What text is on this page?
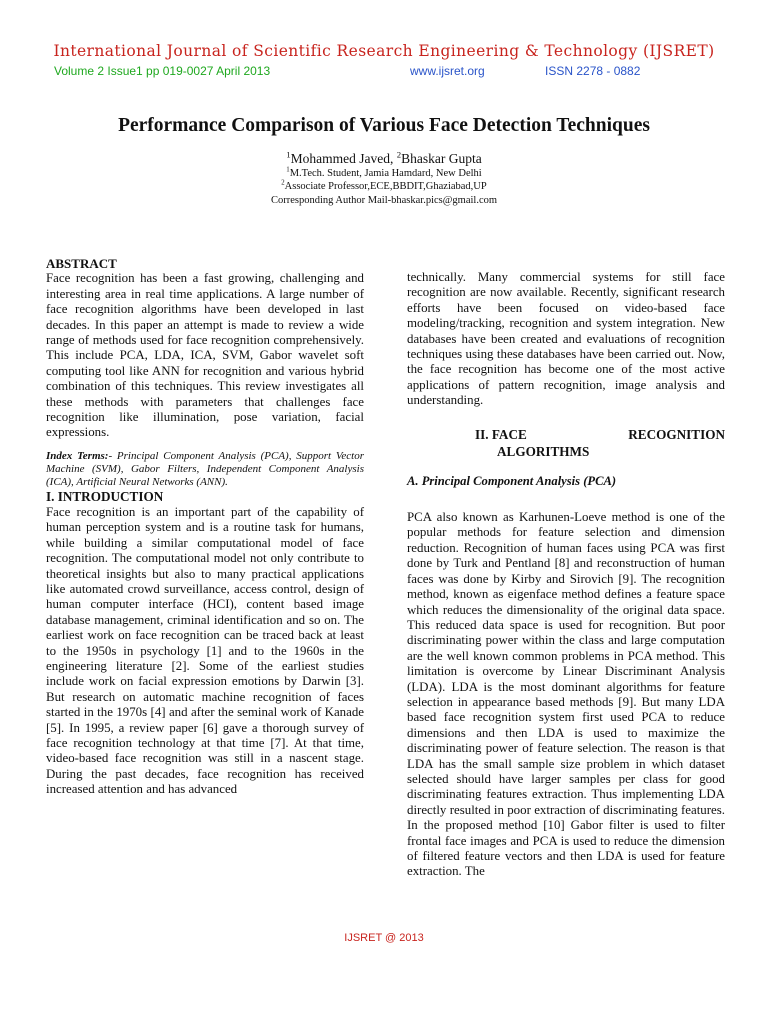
International Journal of Scientific Research Engineering & Technology (IJSRET)
Volume 2 Issue1 pp 019-0027 April 2013	www.ijsret.org	ISSN 2278 - 0882
Performance Comparison of Various Face Detection Techniques
$^1$Mohammed Javed, $^2$Bhaskar Gupta
$^1$M.Tech. Student, Jamia Hamdard, New Delhi
$^2$Associate Professor,ECE,BBDIT,Ghaziabad,UP
Corresponding Author Mail-bhaskar.pics@gmail.com

ABSTRACT

Face recognition has been a fast growing, challenging and interesting area in real time applications. A large number of face recognition algorithms have been developed in last decades. In this paper an attempt is made to review a wide range of methods used for face recognition comprehensively. This include PCA, LDA, ICA, SVM, Gabor wavelet soft computing tool like ANN for recognition and various hybrid combination of this techniques. This review investigates all these methods with parameters that challenges face recognition like illumination, pose variation, facial expressions.

Index Terms:- Principal Component Analysis (PCA), Support Vector Machine (SVM), Gabor Filters, Independent Component Analysis (ICA), Artificial Neural Networks (ANN).

I. INTRODUCTION

Face recognition is an important part of the capability of human perception system and is a routine task for humans, while building a similar computational model of face recognition. The computational model not only contribute to theoretical insights but also to many practical applications like automated crowd surveillance, access control, design of human computer interface (HCI), content based image database management, criminal identification and so on. The earliest work on face recognition can be traced back at least to the 1950s in psychology [1] and to the 1960s in the engineering literature [2]. Some of the earliest studies include work on facial expression emotions by Darwin [3]. But research on automatic machine recognition of faces started in the 1970s [4] and after the seminal work of Kanade [5]. In 1995, a review paper [6] gave a thorough survey of face recognition technology at that time [7]. At that time, video-based face recognition was still in a nascent stage. During the past decades, face recognition has received increased attention and has advanced

technically. Many commercial systems for still face recognition are now available. Recently, significant research efforts have been focused on video-based face modeling/tracking, recognition and system integration. New databases have been created and evaluations of recognition techniques using these databases have been carried out. Now, the face recognition has become one of the most active applications of pattern recognition, image analysis and understanding.

II. FACE	RECOGNITION
ALGORITHMS

A. Principal Component Analysis (PCA)

PCA also known as Karhunen-Loeve method is one of the popular methods for feature selection and dimension reduction. Recognition of human faces using PCA was first done by Turk and Pentland [8] and reconstruction of human faces was done by Kirby and Sirovich [9]. The recognition method, known as eigenface method defines a feature space which reduces the dimensionality of the original data space. This reduced data space is used for recognition. But poor discriminating power within the class and large computation are the well known common problems in PCA method. This limitation is overcome by Linear Discriminant Analysis (LDA). LDA is the most dominant algorithms for feature selection in appearance based methods [9]. But many LDA based face recognition system first used PCA to reduce dimensions and then LDA is used to maximize the discriminating power of feature selection. The reason is that LDA has the small sample size problem in which dataset selected should have larger samples per class for good discriminating features extraction. Thus implementing LDA directly resulted in poor extraction of discriminating features. In the proposed method [10] Gabor filter is used to filter frontal face images and PCA is used to reduce the dimension of filtered feature vectors and then LDA is used for feature extraction. The

IJSRET @ 2013
